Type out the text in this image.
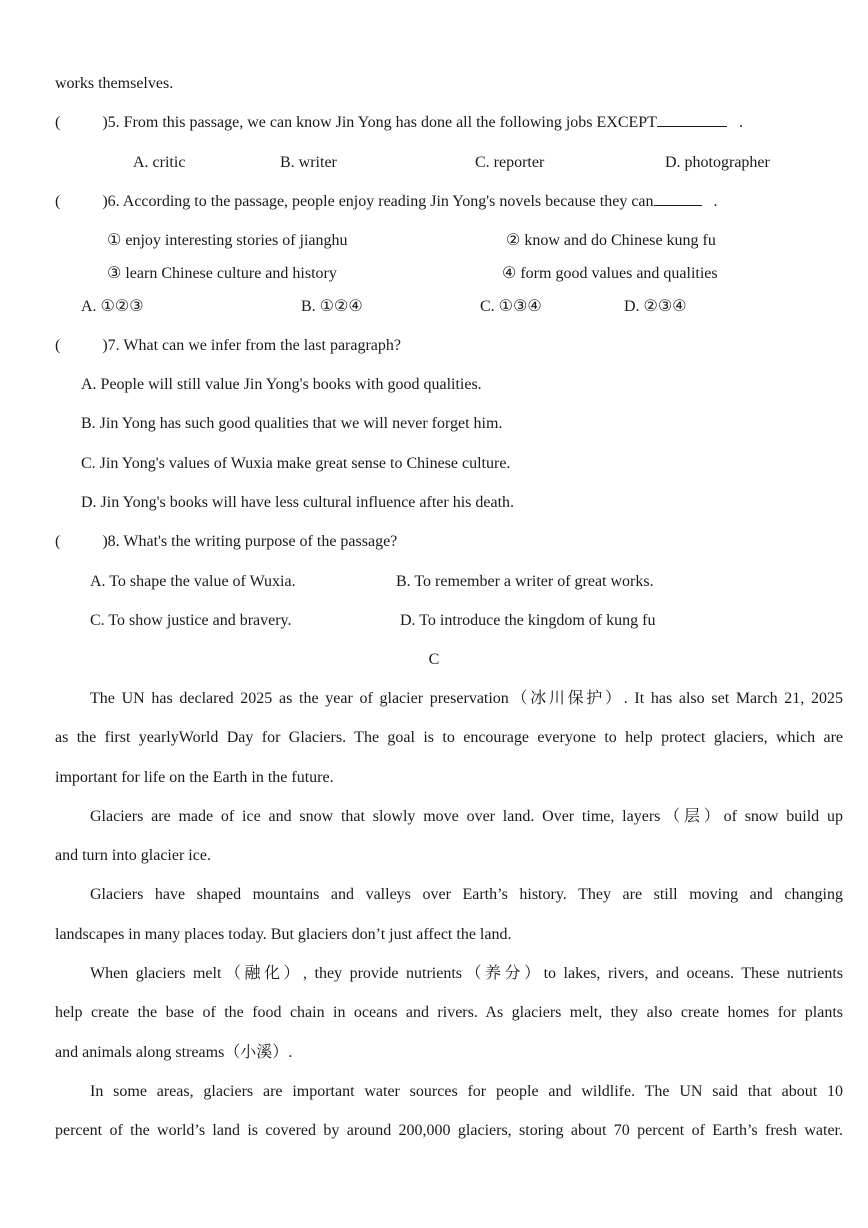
works themselves.
(	)5. From this passage, we can know Jin Yong has done all the following jobs EXCEPT	.
A. critic	B. writer	C. reporter	D. photographer
(	)6. According to the passage, people enjoy reading Jin Yong's novels because they can	.
① enjoy interesting stories of jianghu	② know and do Chinese kung fu
③ learn Chinese culture and history	④ form good values and qualities
A. ①②③	B. ①②④	C. ①③④	D. ②③④
(	)7. What can we infer from the last paragraph?
A. People will still value Jin Yong's books with good qualities.
B. Jin Yong has such good qualities that we will never forget him.
C. Jin Yong's values of Wuxia make great sense to Chinese culture.
D. Jin Yong's books will have less cultural influence after his death.
(	)8. What's the writing purpose of the passage?
A. To shape the value of Wuxia.	B. To remember a writer of great works.
C. To show justice and bravery.	D. To introduce the kingdom of kung fu
C
The UN has declared 2025 as the year of glacier preservation（冰川保护）. It has also set March 21, 2025
as the first yearlyWorld Day for Glaciers. The goal is to encourage everyone to help protect glaciers, which are
important for life on the Earth in the future.
Glaciers are made of ice and snow that slowly move over land. Over time, layers（层）of snow build up
and turn into glacier ice.
Glaciers have shaped mountains and valleys over Earth’s history. They are still moving and changing
landscapes in many places today. But glaciers don’t just affect the land.
When glaciers melt（融化）, they provide nutrients（养分）to lakes, rivers, and oceans. These nutrients
help create the base of the food chain in oceans and rivers. As glaciers melt, they also create homes for plants
and animals along streams（小溪）.
In some areas, glaciers are important water sources for people and wildlife. The UN said that about 10
percent of the world’s land is covered by around 200,000 glaciers, storing about 70 percent of Earth’s fresh water.
